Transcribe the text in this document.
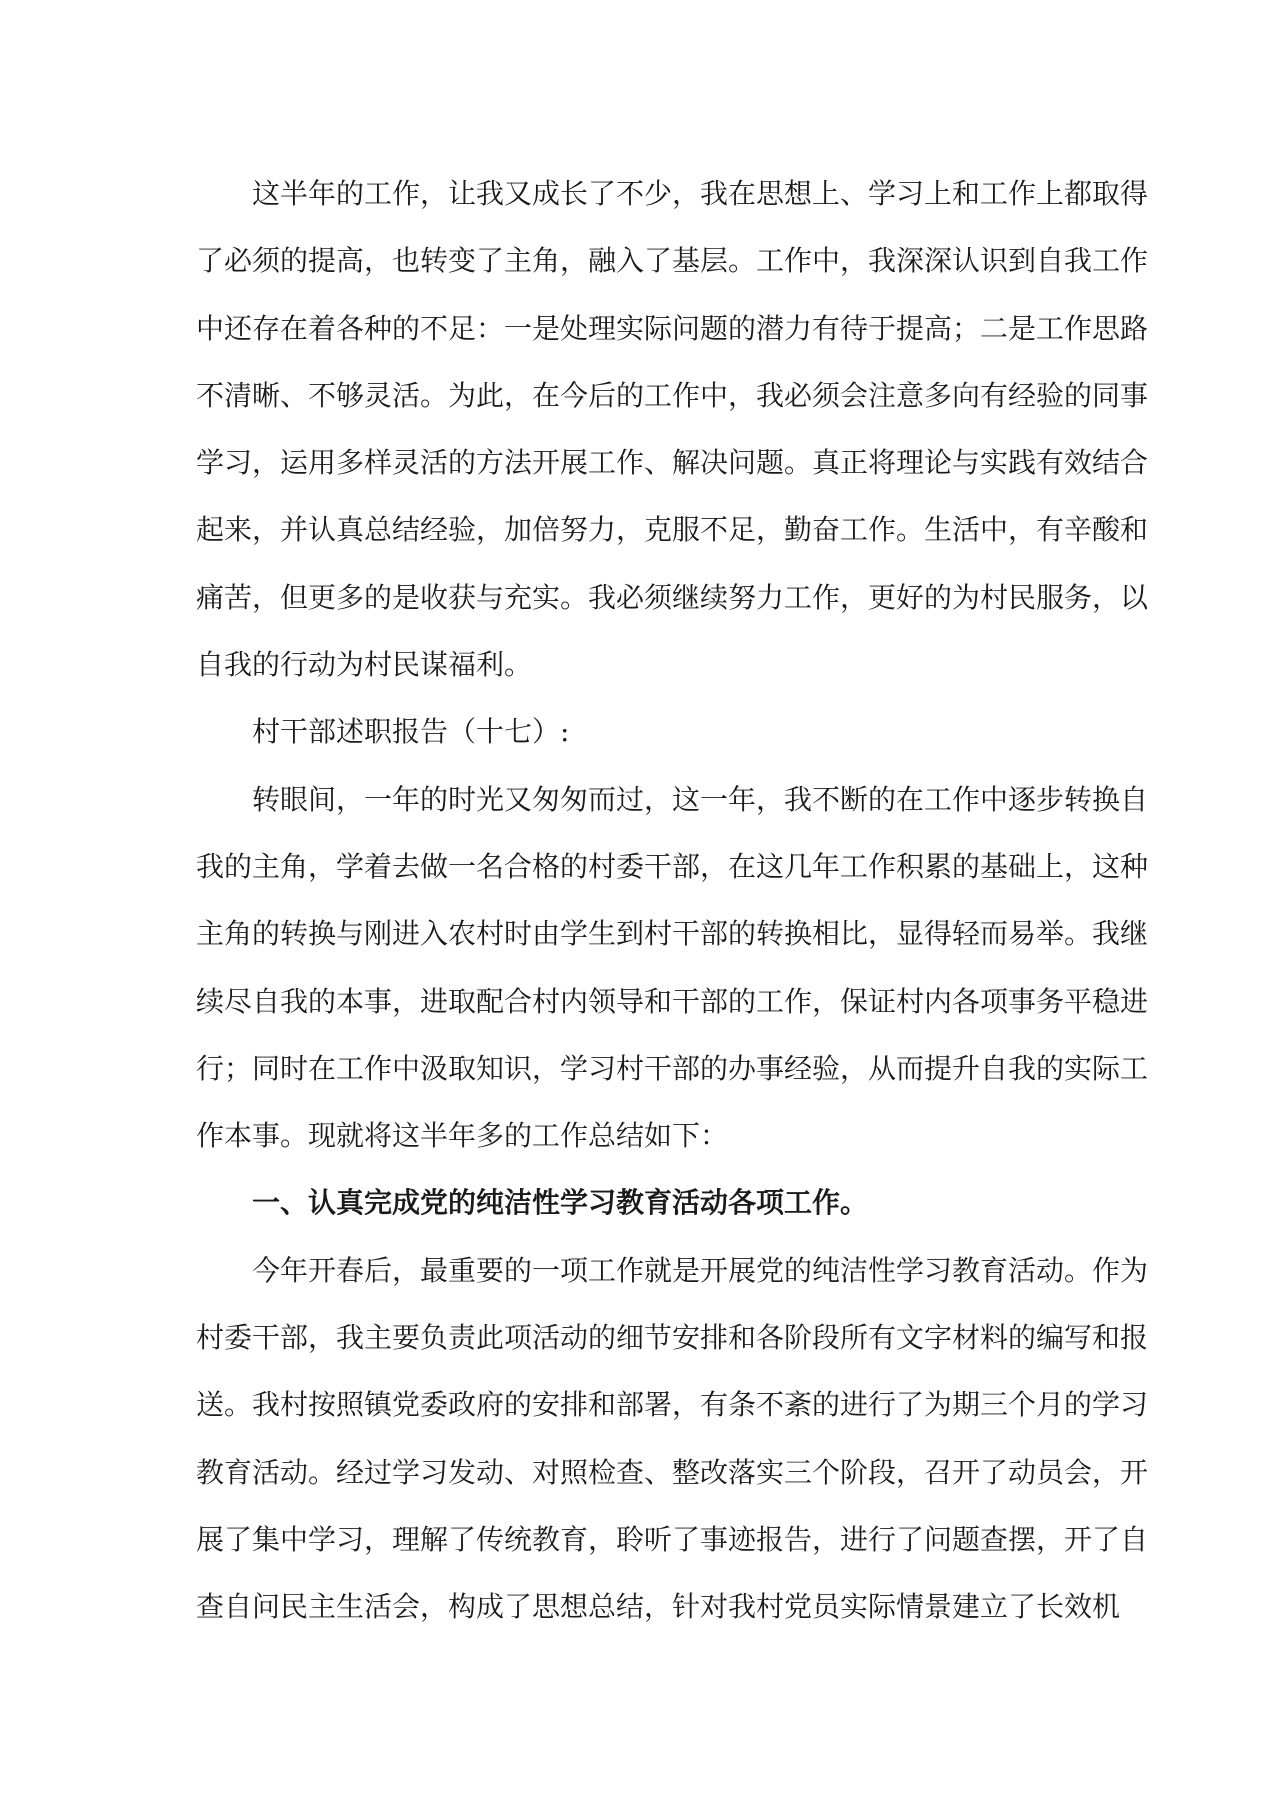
这半年的工作，让我又成长了不少，我在思想上、学习上和工作上都取得
了必须的提高，也转变了主角，融入了基层。工作中，我深深认识到自我工作
中还存在着各种的不足：一是处理实际问题的潜力有待于提高；二是工作思路
不清晰、不够灵活。为此，在今后的工作中，我必须会注意多向有经验的同事
学习，运用多样灵活的方法开展工作、解决问题。真正将理论与实践有效结合
起来，并认真总结经验，加倍努力，克服不足，勤奋工作。生活中，有辛酸和
痛苦，但更多的是收获与充实。我必须继续努力工作，更好的为村民服务，以
自我的行动为村民谋福利。
村干部述职报告（十七）:
转眼间，一年的时光又匆匆而过，这一年，我不断的在工作中逐步转换自
我的主角，学着去做一名合格的村委干部，在这几年工作积累的基础上，这种
主角的转换与刚进入农村时由学生到村干部的转换相比，显得轻而易举。我继
续尽自我的本事，进取配合村内领导和干部的工作，保证村内各项事务平稳进
行；同时在工作中汲取知识，学习村干部的办事经验，从而提升自我的实际工
作本事。现就将这半年多的工作总结如下：
一、认真完成党的纯洁性学习教育活动各项工作。
今年开春后，最重要的一项工作就是开展党的纯洁性学习教育活动。作为
村委干部，我主要负责此项活动的细节安排和各阶段所有文字材料的编写和报
送。我村按照镇党委政府的安排和部署，有条不紊的进行了为期三个月的学习
教育活动。经过学习发动、对照检查、整改落实三个阶段，召开了动员会，开
展了集中学习，理解了传统教育，聆听了事迹报告，进行了问题查摆，开了自
查自问民主生活会，构成了思想总结，针对我村党员实际情景建立了长效机
